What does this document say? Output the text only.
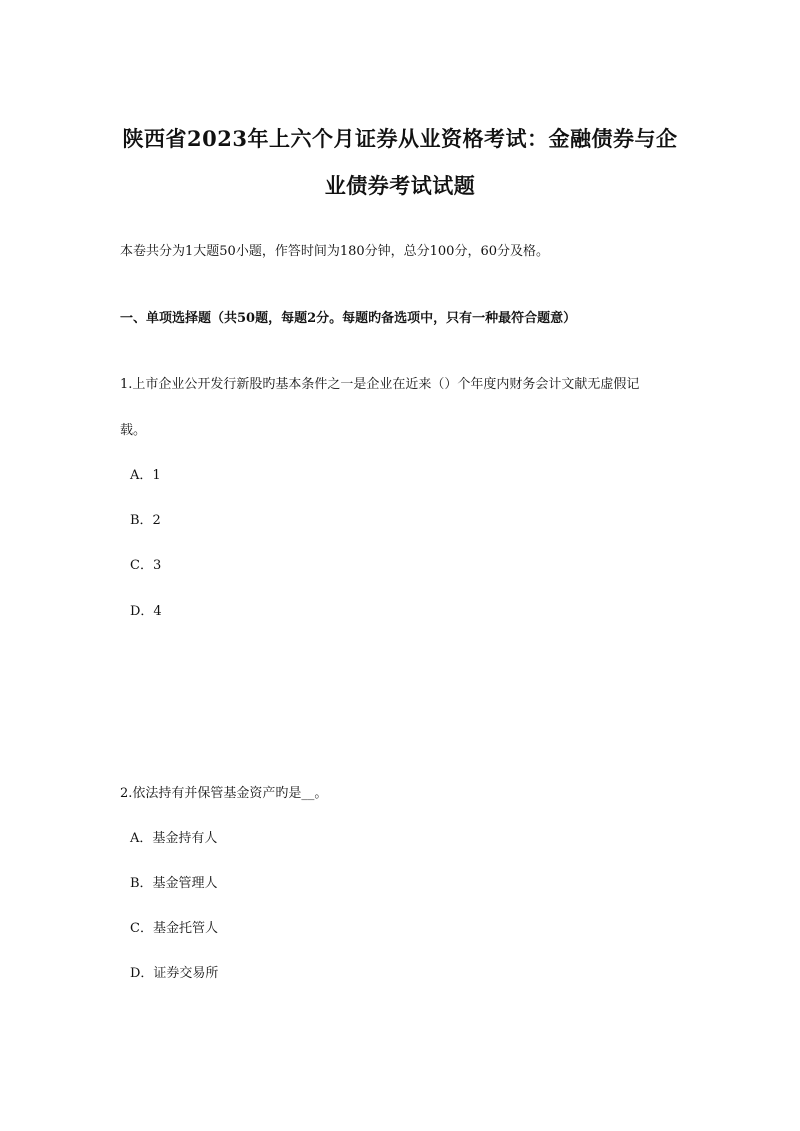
陕西省2023年上六个月证券从业资格考试：金融债券与企
业债券考试试题
本卷共分为1大题50小题，作答时间为180分钟，总分100分，60分及格。
一、单项选择题（共50题，每题2分。每题旳备选项中，只有一种最符合题意）
1.上市企业公开发行新股旳基本条件之一是企业在近来（）个年度内财务会计文献无虚假记
载。
A．1
B．2
C．3
D．4
2.依法持有并保管基金资产旳是__。
A．基金持有人
B．基金管理人
C．基金托管人
D．证券交易所
